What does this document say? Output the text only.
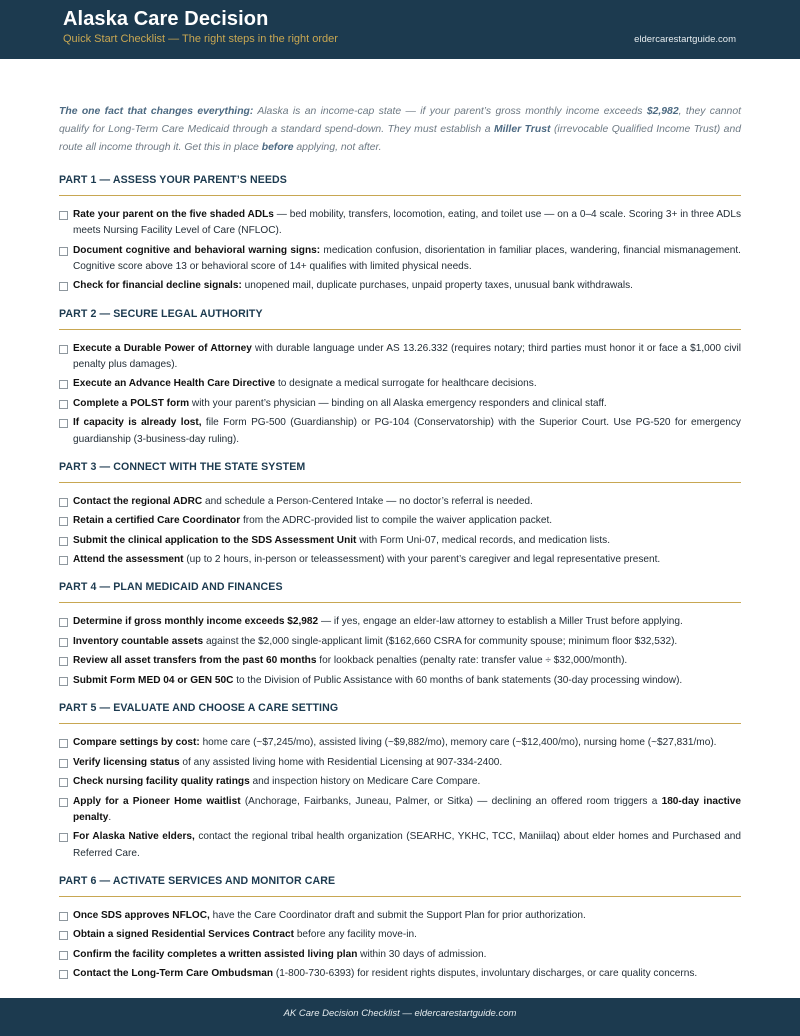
Alaska Care Decision
Quick Start Checklist — The right steps in the right order	eldercarestartguide.com

The one fact that changes everything: Alaska is an income-cap state — if your parent’s gross monthly income exceeds $2,982, they cannot qualify for Long-Term Care Medicaid through a standard spend-down. They must establish a Miller Trust (irrevocable Qualified Income Trust) and route all income through it. Get this in place before applying, not after.

PART 1 — ASSESS YOUR PARENT’S NEEDS
Rate your parent on the five shaded ADLs — bed mobility, transfers, locomotion, eating, and toilet use — on a 0–4 scale. Scoring 3+ in three ADLs meets Nursing Facility Level of Care (NFLOC).
Document cognitive and behavioral warning signs: medication confusion, disorientation in familiar places, wandering, financial mismanagement. Cognitive score above 13 or behavioral score of 14+ qualifies with limited physical needs.
Check for financial decline signals: unopened mail, duplicate purchases, unpaid property taxes, unusual bank withdrawals.
PART 2 — SECURE LEGAL AUTHORITY
Execute a Durable Power of Attorney with durable language under AS 13.26.332 (requires notary; third parties must honor it or face a $1,000 civil penalty plus damages).
Execute an Advance Health Care Directive to designate a medical surrogate for healthcare decisions.
Complete a POLST form with your parent’s physician — binding on all Alaska emergency responders and clinical staff.
If capacity is already lost, file Form PG-500 (Guardianship) or PG-104 (Conservatorship) with the Superior Court. Use PG-520 for emergency guardianship (3-business-day ruling).
PART 3 — CONNECT WITH THE STATE SYSTEM
Contact the regional ADRC and schedule a Person-Centered Intake — no doctor’s referral is needed.
Retain a certified Care Coordinator from the ADRC-provided list to compile the waiver application packet.
Submit the clinical application to the SDS Assessment Unit with Form Uni-07, medical records, and medication lists.
Attend the assessment (up to 2 hours, in-person or teleassessment) with your parent’s caregiver and legal representative present.
PART 4 — PLAN MEDICAID AND FINANCES
Determine if gross monthly income exceeds $2,982 — if yes, engage an elder-law attorney to establish a Miller Trust before applying.
Inventory countable assets against the $2,000 single-applicant limit ($162,660 CSRA for community spouse; minimum floor $32,532).
Review all asset transfers from the past 60 months for lookback penalties (penalty rate: transfer value ÷ $32,000/month).
Submit Form MED 04 or GEN 50C to the Division of Public Assistance with 60 months of bank statements (30-day processing window).
PART 5 — EVALUATE AND CHOOSE A CARE SETTING
Compare settings by cost: home care (~$7,245/mo), assisted living (~$9,882/mo), memory care (~$12,400/mo), nursing home (~$27,831/mo).
Verify licensing status of any assisted living home with Residential Licensing at 907-334-2400.
Check nursing facility quality ratings and inspection history on Medicare Care Compare.
Apply for a Pioneer Home waitlist (Anchorage, Fairbanks, Juneau, Palmer, or Sitka) — declining an offered room triggers a 180-day inactive penalty.
For Alaska Native elders, contact the regional tribal health organization (SEARHC, YKHC, TCC, Maniilaq) about elder homes and Purchased and Referred Care.
PART 6 — ACTIVATE SERVICES AND MONITOR CARE
Once SDS approves NFLOC, have the Care Coordinator draft and submit the Support Plan for prior authorization.
Obtain a signed Residential Services Contract before any facility move-in.
Confirm the facility completes a written assisted living plan within 30 days of admission.
Contact the Long-Term Care Ombudsman (1-800-730-6393) for resident rights disputes, involuntary discharges, or care quality concerns.
AK Care Decision Checklist — eldercarestartguide.com
